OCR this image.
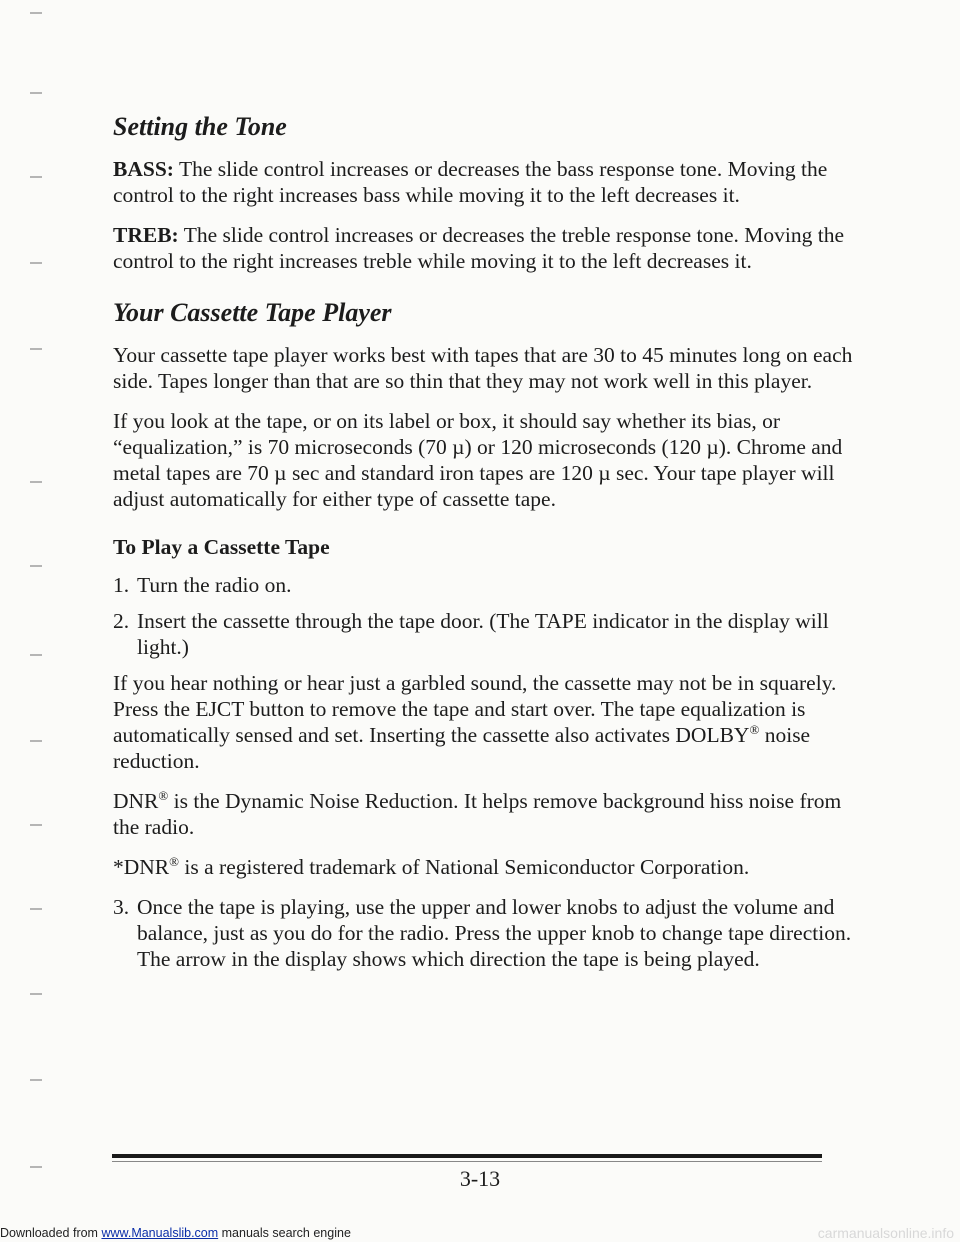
Setting the Tone

BASS: The slide control increases or decreases the bass response tone. Moving the control to the right increases bass while moving it to the left decreases it.

TREB: The slide control increases or decreases the treble response tone. Moving the control to the right increases treble while moving it to the left decreases it.

Your Cassette Tape Player

Your cassette tape player works best with tapes that are 30 to 45 minutes long on each side. Tapes longer than that are so thin that they may not work well in this player.

If you look at the tape, or on its label or box, it should say whether its bias, or “equalization,” is 70 microseconds (70 µ) or 120 microseconds (120 µ). Chrome and metal tapes are 70 µ sec and standard iron tapes are 120 µ sec. Your tape player will adjust automatically for either type of cassette tape.

To Play a Cassette Tape
1. Turn the radio on.
2. Insert the cassette through the tape door. (The TAPE indicator in the display will light.)

If you hear nothing or hear just a garbled sound, the cassette may not be in squarely. Press the EJCT button to remove the tape and start over. The tape equalization is automatically sensed and set. Inserting the cassette also activates DOLBY® noise reduction.

DNR® is the Dynamic Noise Reduction. It helps remove background hiss noise from the radio.

*DNR® is a registered trademark of National Semiconductor Corporation.

3. Once the tape is playing, use the upper and lower knobs to adjust the volume and balance, just as you do for the radio. Press the upper knob to change tape direction. The arrow in the display shows which direction the tape is being played.
3-13
Downloaded from www.Manualslib.com manuals search engine	carmanualsonline.info
